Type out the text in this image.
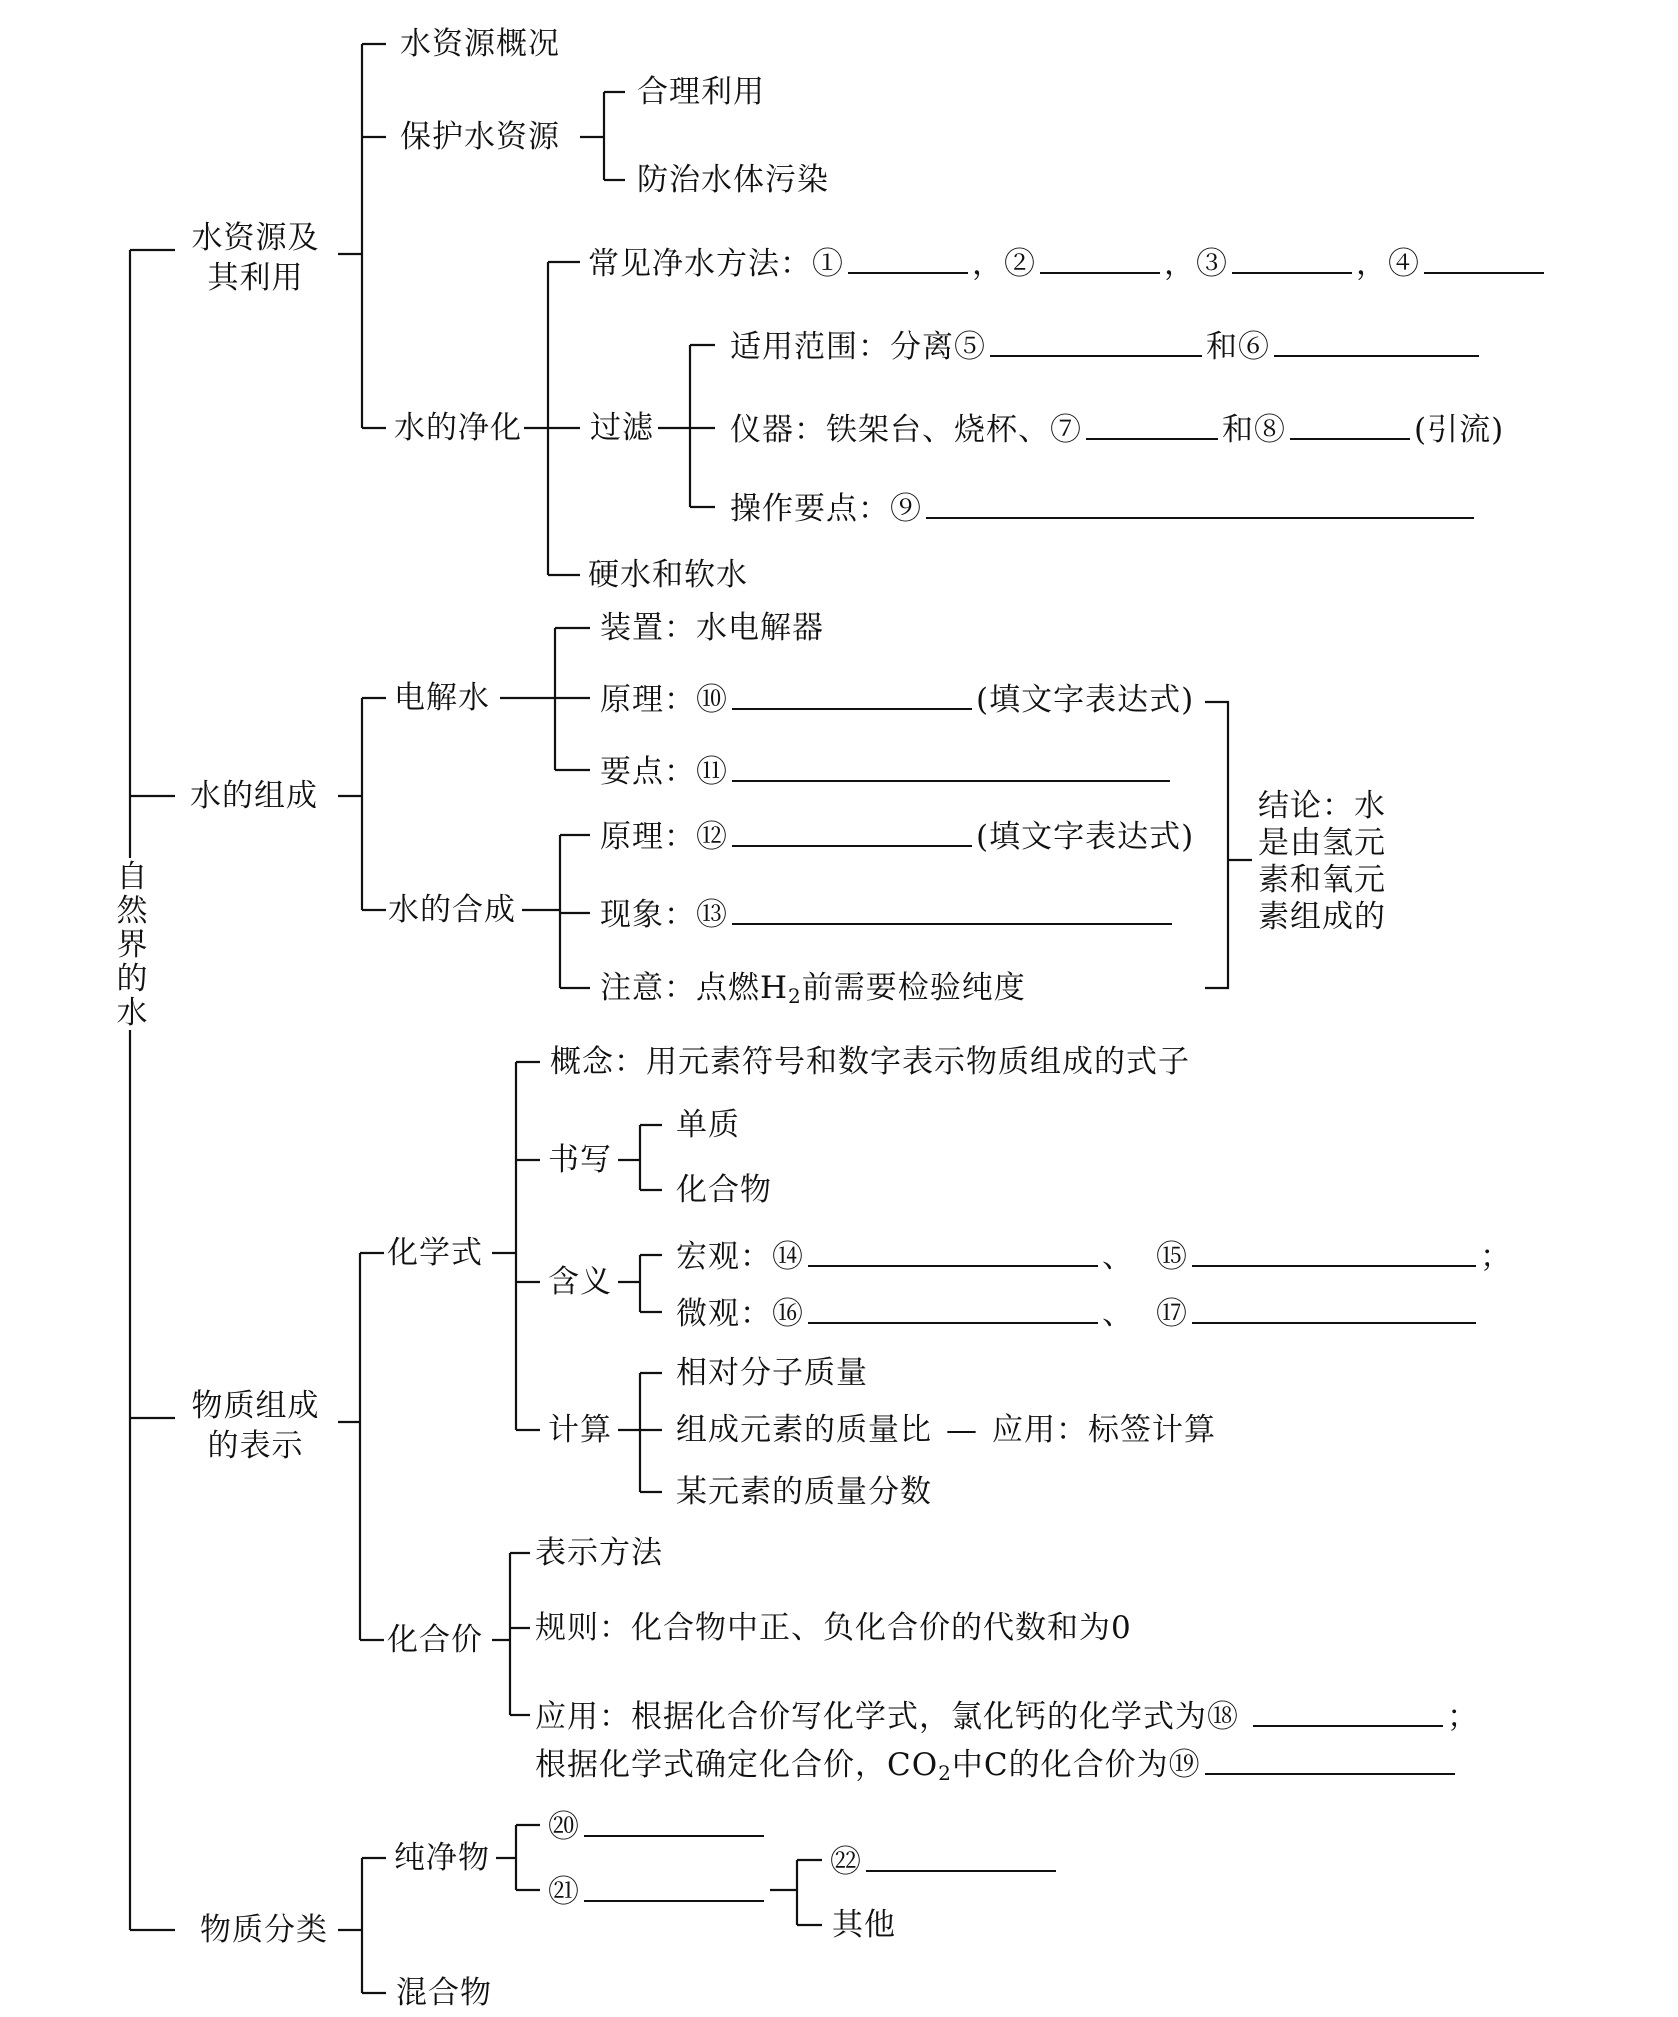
自
然
界
的
水
水资源及
其利用
水资源概况
保护水资源
合理利用
防治水体污染
水的净化
常见净水方法：①	，②	，③	，④
过滤
适用范围：分离⑤	和⑥
仪器：铁架台、烧杯、⑦	和⑧	(引流)
操作要点：⑨
硬水和软水
水的组成
电解水
装置：水电解器
原理：⑩	(填文字表达式)
要点：⑪
水的合成
原理：⑫	(填文字表达式)
现象：⑬
注意：点燃$H_2$前需要检验纯度
结论：水
是由氢元
素和氧元
素组成的
物质组成
的表示
化学式
概念：用元素符号和数字表示物质组成的式子
书写
单质
化合物
含义
宏观：⑭	、 ⑮	；
微观：⑯	、 ⑰
计算
相对分子质量
组成元素的质量比 — 应用：标签计算
某元素的质量分数
化合价
表示方法
规则：化合物中正、负化合价的代数和为0
应用：根据化合价写化学式，氯化钙的化学式为⑱	；
根据化学式确定化合价，$CO_2$中C的化合价为⑲
物质分类
纯净物
⑳
㉑
㉒
其他
混合物
